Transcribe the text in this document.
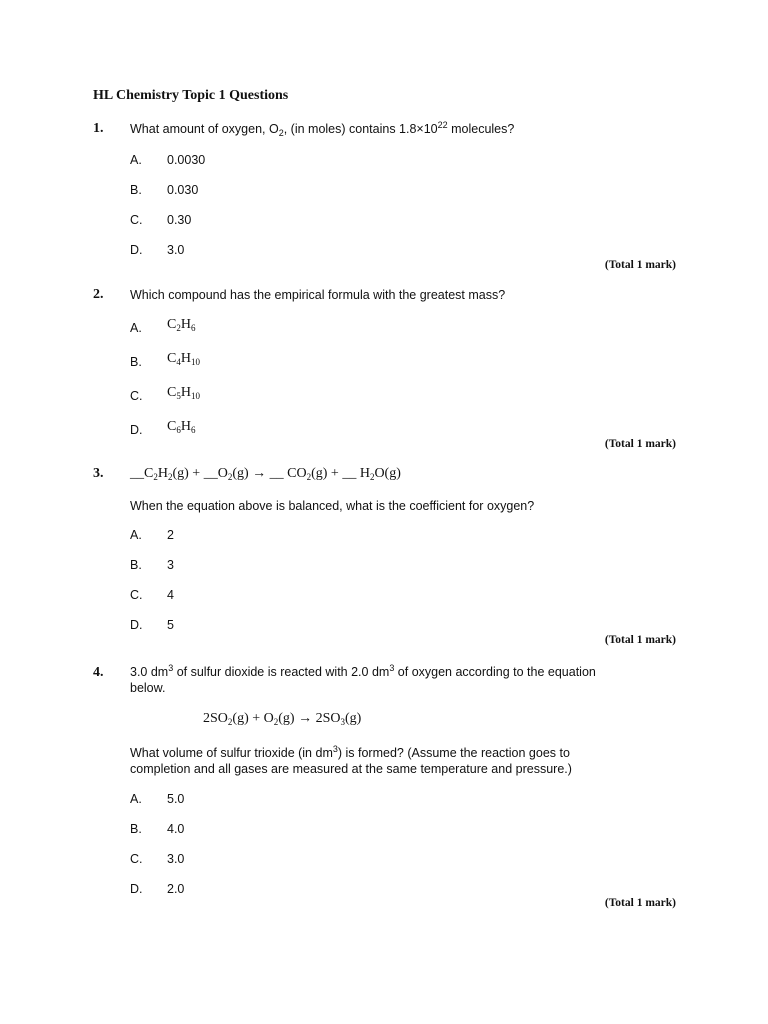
HL Chemistry Topic 1 Questions
1. What amount of oxygen, $O_2$, (in moles) contains $1.8\times 10^{22}$ molecules?
A. 0.0030
B. 0.030
C. 0.30
D. 3.0
(Total 1 mark)
2. Which compound has the empirical formula with the greatest mass?
A. $C_2H_6$
B. $C_4H_{10}$
C. $C_5H_{10}$
D. $C_6H_6$
(Total 1 mark)
3. $\_\_C_2H_2(g)$ + $\_\_O_2(g)$ → __ $CO_2(g)$ + __ $H_2O(g)$
When the equation above is balanced, what is the coefficient for oxygen?
A. 2
B. 3
C. 4
D. 5
(Total 1 mark)
4. 3.0 $dm^3$ of sulfur dioxide is reacted with 2.0 $dm^3$ of oxygen according to the equation below.
$2SO_2(g) + O_2(g) \to 2SO_3(g)$
What volume of sulfur trioxide (in $dm^3$) is formed? (Assume the reaction goes to completion and all gases are measured at the same temperature and pressure.)
A. 5.0
B. 4.0
C. 3.0
D. 2.0
(Total 1 mark)
